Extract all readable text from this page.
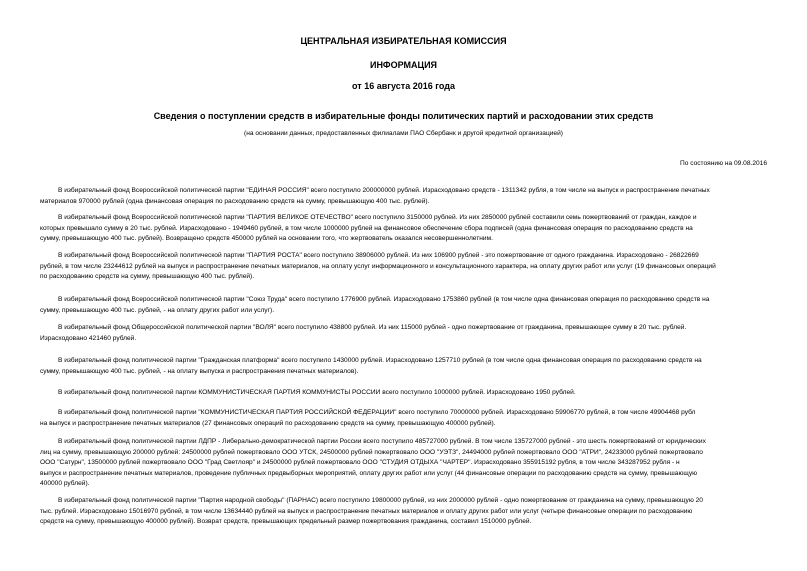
ЦЕНТРАЛЬНАЯ ИЗБИРАТЕЛЬНАЯ КОМИССИЯ
ИНФОРМАЦИЯ
от 16 августа 2016 года
Сведения о поступлении средств в избирательные фонды политических партий и расходовании этих средств
(на основании данных, предоставленных филиалами ПАО Сбербанк и другой кредитной организацией)
По состоянию на 09.08.2016
В избирательный фонд Всероссийской политической партии "ЕДИНАЯ РОССИЯ" всего поступило 200000000 рублей. Израсходовано средств - 1311342 рубля, в том числе на выпуск и распространение печатных
материалов 970000 рублей (одна финансовая операция по расходованию средств на сумму, превышающую 400 тыс. рублей).
В избирательный фонд Всероссийской политической партии "ПАРТИЯ ВЕЛИКОЕ ОТЕЧЕСТВО" всего поступило 3150000 рублей. Из них 2850000 рублей составили семь пожертвований от граждан, каждое и
которых превышало сумму в 20 тыс. рублей. Израсходовано - 1949460 рублей, в том числе 1000000 рублей на финансовое обеспечение сбора подписей (одна финансовая операция по расходованию средств на
сумму, превышающую 400 тыс. рублей). Возвращено средств 450000 рублей на основании того, что жертвователь оказался несовершеннолетним.
В избирательный фонд Всероссийской политической партии "ПАРТИЯ РОСТА" всего поступило 38906000 рублей. Из них 106900 рублей - это пожертвование от одного гражданина. Израсходовано - 26822669
рублей, в том числе 23244612 рублей на выпуск и распространение печатных материалов, на оплату услуг информационного и консультационного характера, на оплату других работ или услуг (19 финансовых операций
по расходованию средств на сумму, превышающую 400 тыс. рублей).
В избирательный фонд Всероссийской политической партии "Союз Труда" всего поступило 1776900 рублей. Израсходовано 1753860 рублей (в том числе одна финансовая операция по расходованию средств на
сумму, превышающую 400 тыс. рублей, - на оплату других работ или услуг).
В избирательный фонд Общероссийской политической партии "ВОЛЯ" всего поступило 438800 рублей. Из них 115000 рублей - одно пожертвование от гражданина, превышающее сумму в 20 тыс. рублей.
Израсходовано 421460 рублей.
В избирательный фонд политической партии "Гражданская платформа" всего поступило 1430000 рублей. Израсходовано 1257710 рублей (в том числе одна финансовая операция по расходованию средств на
сумму, превышающую 400 тыс. рублей, - на оплату выпуска и распространения печатных материалов).
В избирательный фонд политической партии КОММУНИСТИЧЕСКАЯ ПАРТИЯ КОММУНИСТЫ РОССИИ всего поступило 1000000 рублей. Израсходовано 1950 рублей.
В избирательный фонд политической партии "КОММУНИСТИЧЕСКАЯ ПАРТИЯ РОССИЙСКОЙ ФЕДЕРАЦИИ" всего поступило 70000000 рублей. Израсходовано 59906770 рублей, в том числе 49904468 рубл
на выпуск и распространение печатных материалов (27 финансовых операций по расходованию средств на сумму, превышающую 400000 рублей).
В избирательный фонд политической партии ЛДПР - Либерально-демократической партии России всего поступило 485727000 рублей. В том числе 135727000 рублей - это шесть пожертвований от юридических
лиц на сумму, превышающую 200000 рублей: 24500000 рублей пожертвовало ООО УТСК, 24500000 рублей пожертвовало ООО "УЭТЗ", 24494000 рублей пожертвовало ООО "АТРИ", 24233000 рублей пожертвовало
ООО "Сатурн", 13500000 рублей пожертвовало ООО "Град Светлояр" и 24500000 рублей пожертвовало ООО "СТУДИЯ ОТДЫХА "ЧАРТЕР". Израсходовано 355915192 рубля, в том числе 343287952 рубля - н
выпуск и распространение печатных материалов, проведение публичных предвыборных мероприятий, оплату других работ или услуг (44 финансовые операции по расходованию средств на сумму, превышающую
400000 рублей).
В избирательный фонд политической партии "Партия народной свободы" (ПАРНАС) всего поступило 19800000 рублей, из них 2000000 рублей - одно пожертвование от гражданина на сумму, превышающую 20
тыс. рублей. Израсходовано 15016970 рублей, в том числе 13634440 рублей на выпуск и распространение печатных материалов и оплату других работ или услуг (четыре финансовые операции по расходованию
средств на сумму, превышающую 400000 рублей). Возврат средств, превышающих предельный размер пожертвования гражданина, составил 1510000 рублей.
